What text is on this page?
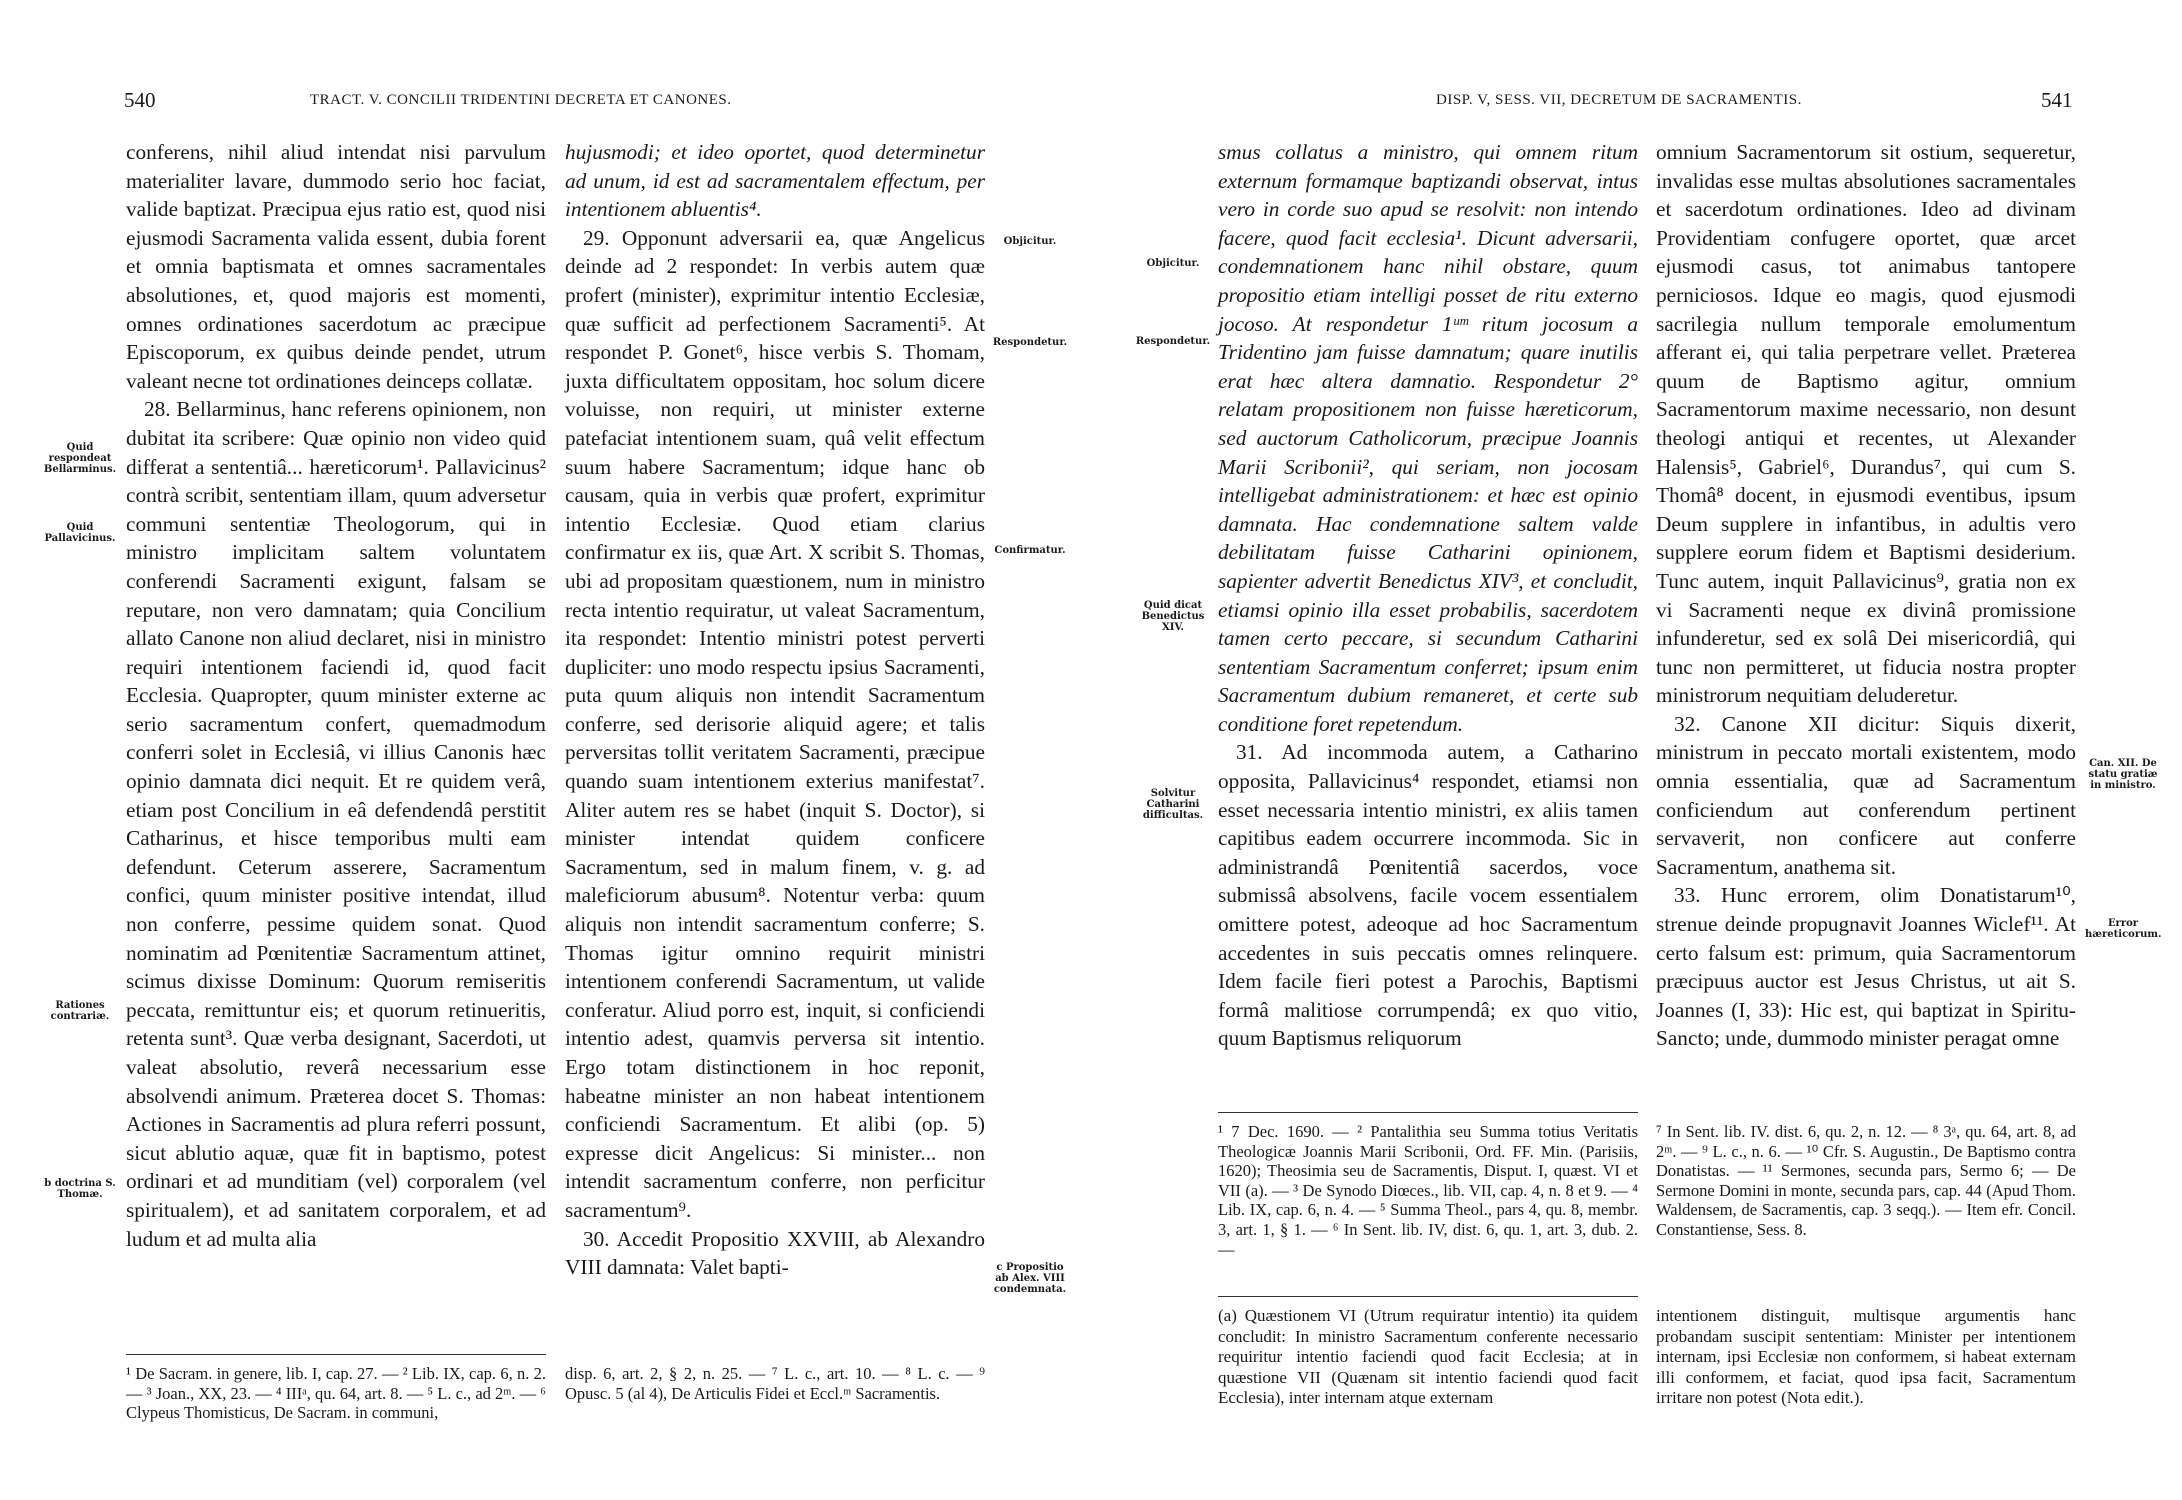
540	TRACT. V. CONCILII TRIDENTINI DECRETA ET CANONES.

conferens, nihil aliud intendat nisi parvulum materialiter lavare, dummodo serio hoc faciat, valide baptizat. Præcipua ejus ratio est, quod nisi ejusmodi Sacramenta valida essent, dubia forent et omnia baptismata et omnes sacramentales absolutiones, et, quod majoris est momenti, omnes ordinationes sacerdotum ac præcipue Episcoporum, ex quibus deinde pendet, utrum valeant necne tot ordinationes deinceps collatæ.

28. Bellarminus, hanc referens opinionem, non dubitat ita scribere: Quæ opinio non video quid differat a sententiâ... hæreticorum¹. Pallavicinus² contrà scribit, sententiam illam, quum adversetur communi sententiæ Theologorum, qui in ministro implicitam saltem voluntatem conferendi Sacramenti exigunt, falsam se reputare, non vero damnatam; quia Concilium allato Canone non aliud declaret, nisi in ministro requiri intentionem faciendi id, quod facit Ecclesia. Quapropter, quum minister externe ac serio sacramentum confert, quemadmodum conferri solet in Ecclesiâ, vi illius Canonis hæc opinio damnata dici nequit. Et re quidem verâ, etiam post Concilium in eâ defendendâ perstitit Catharinus, et hisce temporibus multi eam defendunt. Ceterum asserere, Sacramentum confici, quum minister positive intendat, illud non conferre, pessime quidem sonat. Quod nominatim ad Pœnitentiæ Sacramentum attinet, scimus dixisse Dominum: Quorum remiseritis peccata, remittuntur eis; et quorum retinueritis, retenta sunt³. Quæ verba designant, Sacerdoti, ut valeat absolutio, reverâ necessarium esse absolvendi animum. Præterea docet S. Thomas: Actiones in Sacramentis ad plura referri possunt, sicut ablutio aquæ, quæ fit in baptismo, potest ordinari et ad munditiam (vel) corporalem (vel spiritualem), et ad sanitatem corporalem, et ad ludum et ad multa alia

hujusmodi; et ideo oportet, quod determinetur ad unum, id est ad sacramentalem effectum, per intentionem abluentis⁴.

29. Opponunt adversarii ea, quæ Angelicus deinde ad 2 respondet: In verbis autem quæ profert (minister), exprimitur intentio Ecclesiæ, quæ sufficit ad perfectionem Sacramenti⁵. At respondet P. Gonet⁶, hisce verbis S. Thomam, juxta difficultatem oppositam, hoc solum dicere voluisse, non requiri, ut minister externe patefaciat intentionem suam, quâ velit effectum suum habere Sacramentum; idque hanc ob causam, quia in verbis quæ profert, exprimitur intentio Ecclesiæ. Quod etiam clarius confirmatur ex iis, quæ Art. X scribit S. Thomas, ubi ad propositam quæstionem, num in ministro recta intentio requiratur, ut valeat Sacramentum, ita respondet: Intentio ministri potest perverti dupliciter: uno modo respectu ipsius Sacramenti, puta quum aliquis non intendit Sacramentum conferre, sed derisorie aliquid agere; et talis perversitas tollit veritatem Sacramenti, præcipue quando suam intentionem exterius manifestat⁷. Aliter autem res se habet (inquit S. Doctor), si minister intendat quidem conficere Sacramentum, sed in malum finem, v. g. ad maleficiorum abusum⁸. Notentur verba: quum aliquis non intendit sacramentum conferre; S. Thomas igitur omnino requirit ministri intentionem conferendi Sacramentum, ut valide conferatur. Aliud porro est, inquit, si conficiendi intentio adest, quamvis perversa sit intentio. Ergo totam distinctionem in hoc reponit, habeatne minister an non habeat intentionem conficiendi Sacramentum. Et alibi (op. 5) expresse dicit Angelicus: Si minister... non intendit sacramentum conferre, non perficitur sacramentum⁹.

30. Accedit Propositio XXVIII, ab Alexandro VIII damnata: Valet bapti-

Quid respondeat Bellarminus.
Quid Pallavicinus.
Rationes contrariæ.
b doctrina S. Thomæ.
Objicitur.
Respondetur.
Confirmatur.
c Propositio ab Alex. VIII condemnata.

¹ De Sacram. in genere, lib. I, cap. 27. — ² Lib. IX, cap. 6, n. 2. — ³ Joan., XX, 23. — ⁴ IIIᵃ, qu. 64, art. 8. — ⁵ L. c., ad 2ᵐ. — ⁶ Clypeus Thomisticus, De Sacram. in communi,

disp. 6, art. 2, § 2, n. 25. — ⁷ L. c., art. 10. — ⁸ L. c. — ⁹ Opusc. 5 (al 4), De Articulis Fidei et Eccl.ᵐ Sacramentis.

DISP. V, SESS. VII, DECRETUM DE SACRAMENTIS.	541

smus collatus a ministro, qui omnem ritum externum formamque baptizandi observat, intus vero in corde suo apud se resolvit: non intendo facere, quod facit ecclesia¹. Dicunt adversarii, condemnationem hanc nihil obstare, quum propositio etiam intelligi posset de ritu externo jocoso. At respondetur 1ᵘᵐ ritum jocosum a Tridentino jam fuisse damnatum; quare inutilis erat hæc altera damnatio. Respondetur 2° relatam propositionem non fuisse hæreticorum, sed auctorum Catholicorum, præcipue Joannis Marii Scribonii², qui seriam, non jocosam intelligebat administrationem: et hæc est opinio damnata. Hac condemnatione saltem valde debilitatam fuisse Catharini opinionem, sapienter advertit Benedictus XIV³, et concludit, etiamsi opinio illa esset probabilis, sacerdotem tamen certo peccare, si secundum Catharini sententiam Sacramentum conferret; ipsum enim Sacramentum dubium remaneret, et certe sub conditione foret repetendum.

31. Ad incommoda autem, a Catharino opposita, Pallavicinus⁴ respondet, etiamsi non esset necessaria intentio ministri, ex aliis tamen capitibus eadem occurrere incommoda. Sic in administrandâ Pœnitentiâ sacerdos, voce submissâ absolvens, facile vocem essentialem omittere potest, adeoque ad hoc Sacramentum accedentes in suis peccatis omnes relinquere. Idem facile fieri potest a Parochis, Baptismi formâ malitiose corrumpendâ; ex quo vitio, quum Baptismus reliquorum

omnium Sacramentorum sit ostium, sequeretur, invalidas esse multas absolutiones sacramentales et sacerdotum ordinationes. Ideo ad divinam Providentiam confugere oportet, quæ arcet ejusmodi casus, tot animabus tantopere perniciosos. Idque eo magis, quod ejusmodi sacrilegia nullum temporale emolumentum afferant ei, qui talia perpetrare vellet. Præterea quum de Baptismo agitur, omnium Sacramentorum maxime necessario, non desunt theologi antiqui et recentes, ut Alexander Halensis⁵, Gabriel⁶, Durandus⁷, qui cum S. Thomâ⁸ docent, in ejusmodi eventibus, ipsum Deum supplere in infantibus, in adultis vero supplere eorum fidem et Baptismi desiderium. Tunc autem, inquit Pallavicinus⁹, gratia non ex vi Sacramenti neque ex divinâ promissione infunderetur, sed ex solâ Dei misericordiâ, qui tunc non permitteret, ut fiducia nostra propter ministrorum nequitiam deluderetur.

32. Canone XII dicitur: Siquis dixerit, ministrum in peccato mortali existentem, modo omnia essentialia, quæ ad Sacramentum conficiendum aut conferendum pertinent servaverit, non conficere aut conferre Sacramentum, anathema sit.

33. Hunc errorem, olim Donatistarum¹⁰, strenue deinde propugnavit Joannes Wiclef¹¹. At certo falsum est: primum, quia Sacramentorum præcipuus auctor est Jesus Christus, ut ait S. Joannes (I, 33): Hic est, qui baptizat in Spiritu-Sancto; unde, dummodo minister peragat omne

Objicitur.
Respondetur.
Quid dicat Benedictus XIV.
Solvitur Catharini difficultas.
Can. XII. De statu gratiæ in ministro.
Error hæreticorum.

¹ 7 Dec. 1690. — ² Pantalithia seu Summa totius Veritatis Theologicæ Joannis Marii Scribonii, Ord. FF. Min. (Parisiis, 1620); Theosimia seu de Sacramentis, Disput. I, quæst. VI et VII (a). — ³ De Synodo Diœces., lib. VII, cap. 4, n. 8 et 9. — ⁴ Lib. IX, cap. 6, n. 4. — ⁵ Summa Theol., pars 4, qu. 8, membr. 3, art. 1, § 1. — ⁶ In Sent. lib. IV, dist. 6, qu. 1, art. 3, dub. 2. —

⁷ In Sent. lib. IV. dist. 6, qu. 2, n. 12. — ⁸ 3ᵃ, qu. 64, art. 8, ad 2ᵐ. — ⁹ L. c., n. 6. — ¹⁰ Cfr. S. Augustin., De Baptismo contra Donatistas. — ¹¹ Sermones, secunda pars, Sermo 6; — De Sermone Domini in monte, secunda pars, cap. 44 (Apud Thom. Waldensem, de Sacramentis, cap. 3 seqq.). — Item efr. Concil. Constantiense, Sess. 8.

(a) Quæstionem VI (Utrum requiratur intentio) ita quidem concludit: In ministro Sacramentum conferente necessario requiritur intentio faciendi quod facit Ecclesia; at in quæstione VII (Quænam sit intentio faciendi quod facit Ecclesia), inter internam atque externam

intentionem distinguit, multisque argumentis hanc probandam suscipit sententiam: Minister per intentionem internam, ipsi Ecclesiæ non conformem, si habeat externam illi conformem, et faciat, quod ipsa facit, Sacramentum irritare non potest (Nota edit.).
